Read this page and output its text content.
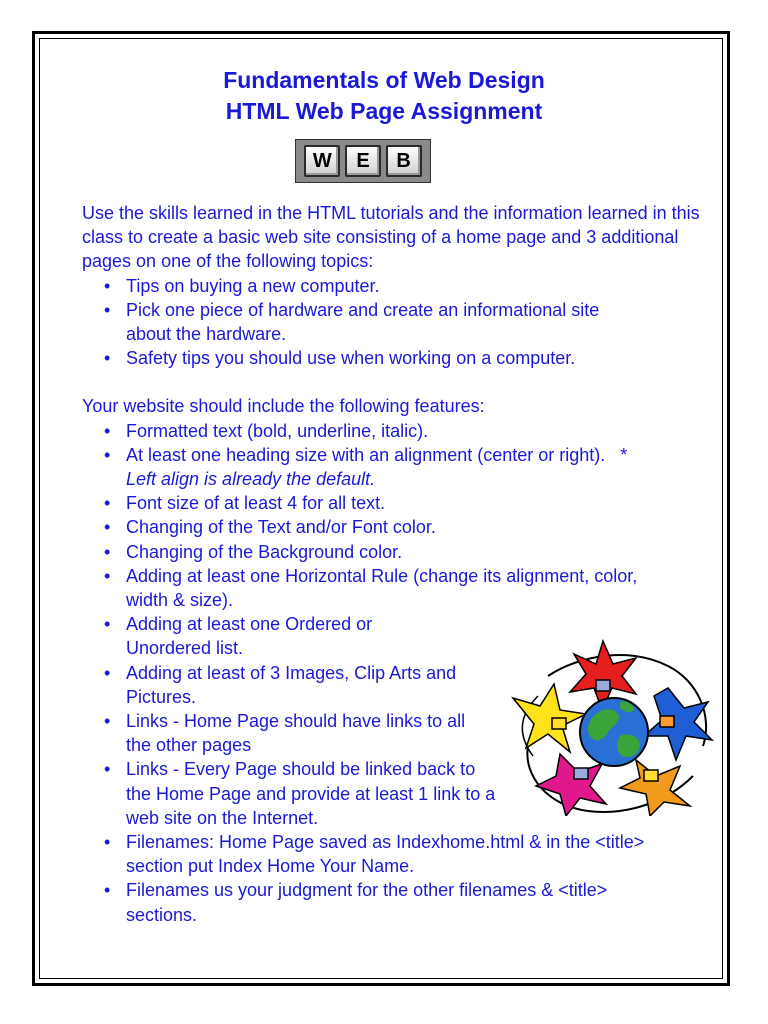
Fundamentals of Web Design
HTML Web Page Assignment
W	E	B

Use the skills learned in the HTML tutorials and the information learned in this class to create a basic web site consisting of a home page and 3 additional pages on one of the following topics:

• Tips on buying a new computer.
• Pick one piece of hardware and create an informational site about the hardware.
• Safety tips you should use when working on a computer.

Your website should include the following features:

• Formatted text (bold, underline, italic).
• At least one heading size with an alignment (center or right).   *
Left align is already the default.
• Font size of at least 4 for all text.
• Changing of the Text and/or Font color.
• Changing of the Background color.
• Adding at least one Horizontal Rule (change its alignment, color, width & size).
• Adding at least one Ordered or Unordered list.
• Adding at least of 3 Images, Clip Arts and Pictures.
• Links - Home Page should have links to all the other pages
• Links - Every Page should be linked back to the Home Page and provide at least 1 link to a web site on the Internet.
• Filenames: Home Page saved as Indexhome.html & in the <title> section put Index Home Your Name.
• Filenames us your judgment for the other filenames & <title> sections.
